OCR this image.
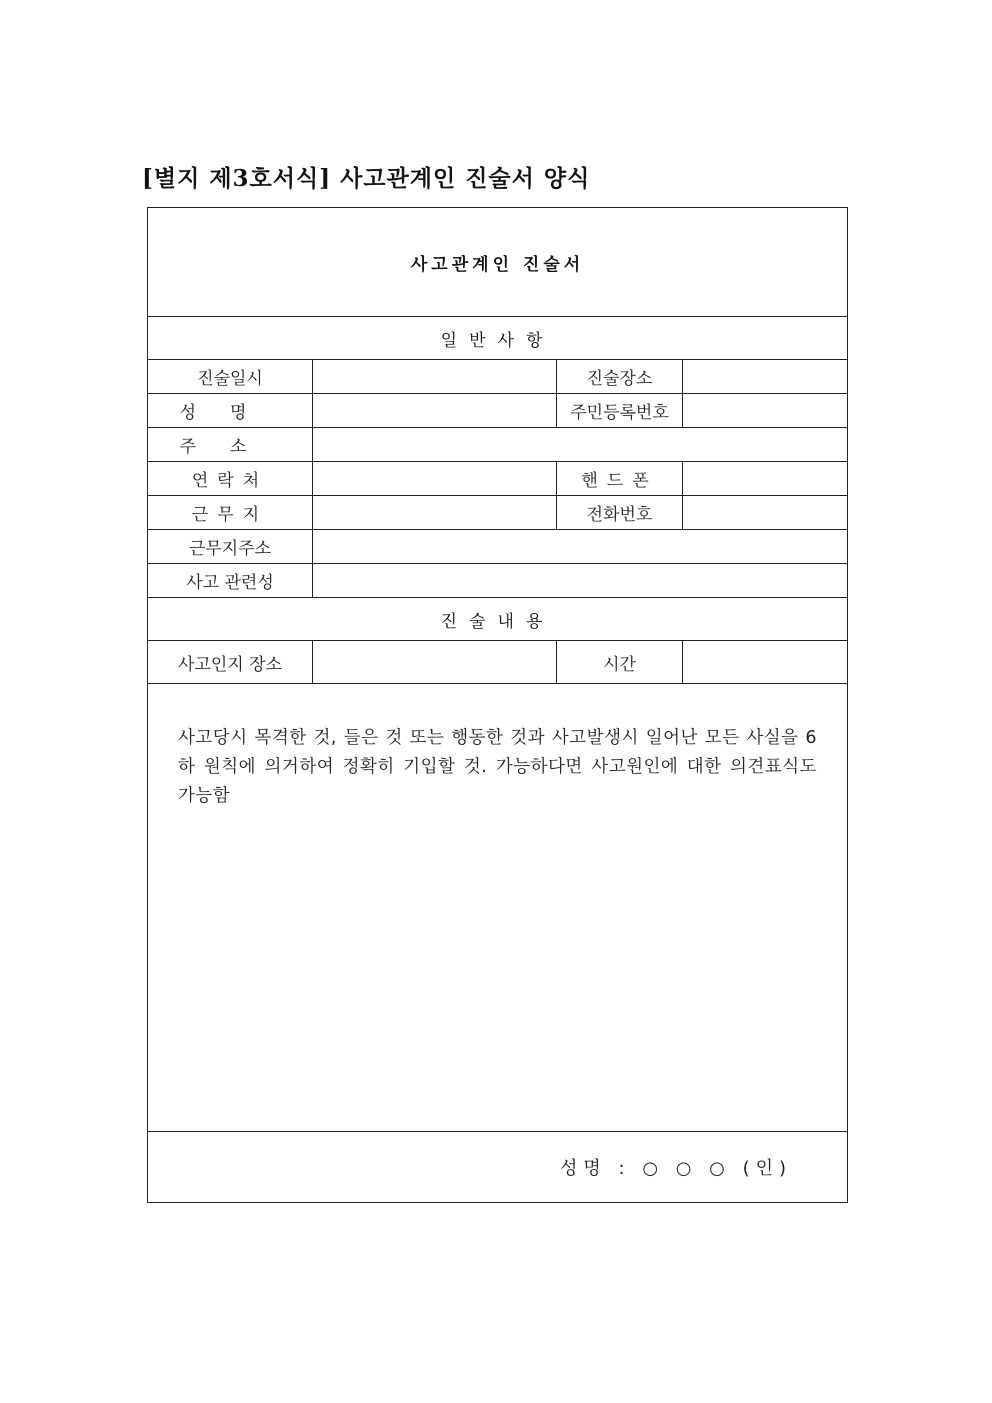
[별지 제3호서식] 사고관계인 진술서 양식
사고관계인 진술서			
일반사항			
진술일시		진술장소	
성명		주민등록번호	
주소			
연락처		핸드폰	
근무지		전화번호	
근무지주소			
사고 관련성			
진술내용			
사고인지 장소		시간	

사고당시 목격한 것, 들은 것 또는 행동한 것과 사고발생시 일어난 모든 사실을 6하 원칙에 의거하여 정확히 기입할 것. 가능하다면 사고원인에 대한 의견표식도 가능함			

성명 : ○ ○ ○ (인)			
